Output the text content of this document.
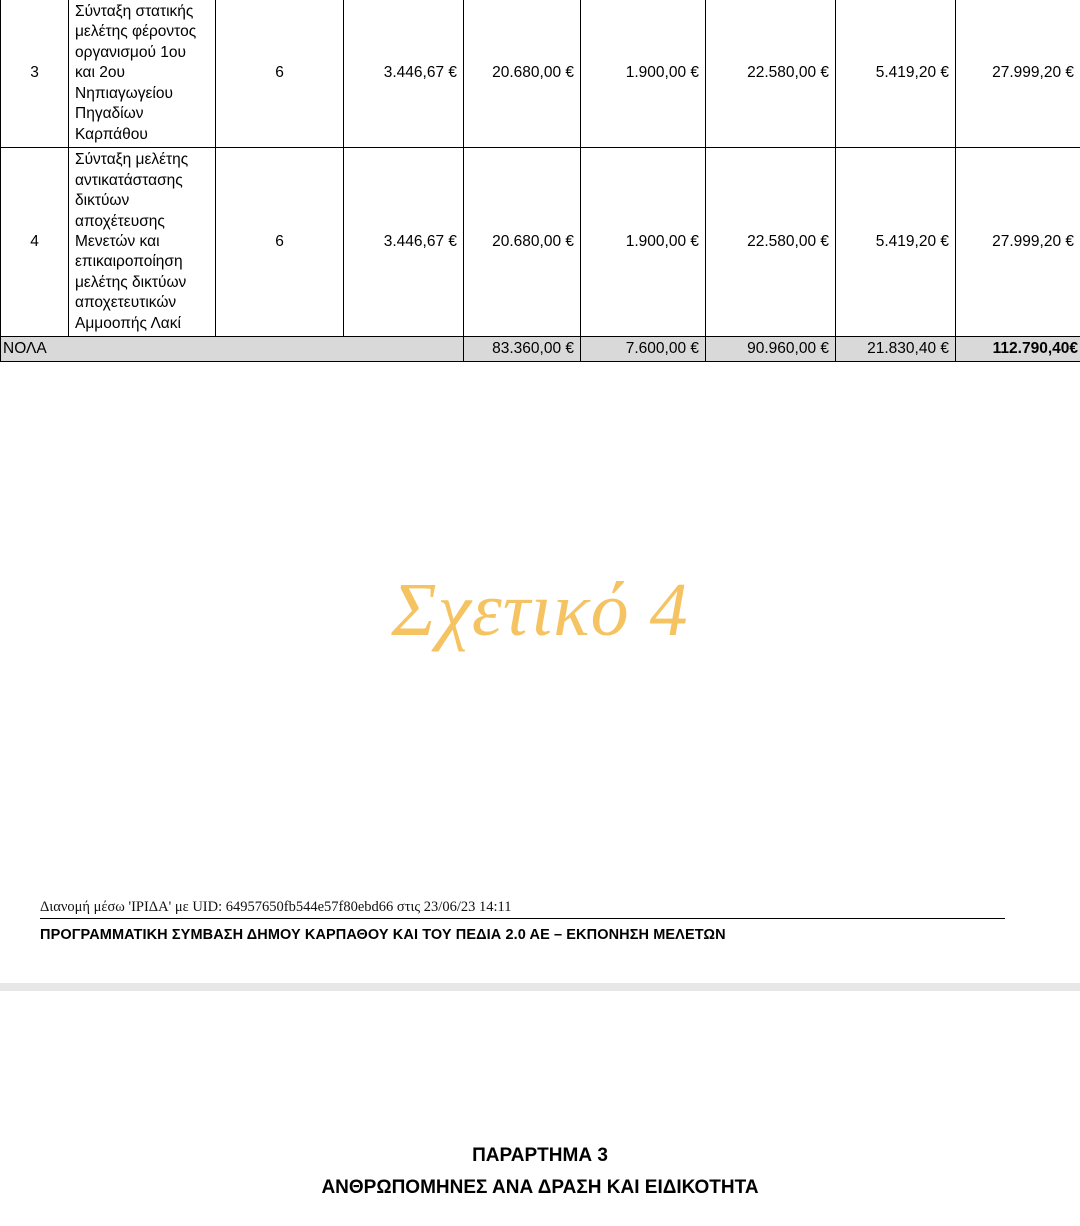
3	Σύνταξη στατικής μελέτης φέροντος οργανισμού 1ου και 2ου Νηπιαγωγείου Πηγαδίων Καρπάθου	6	3.446,67 €	20.680,00 €	1.900,00 €	22.580,00 €	5.419,20 €	27.999,20 €
4	Σύνταξη μελέτης αντικατάστασης δικτύων αποχέτευσης Μενετών και επικαιροποίηση μελέτης δικτύων αποχετευτικών Αμμοοπής Λακί	6	3.446,67 €	20.680,00 €	1.900,00 €	22.580,00 €	5.419,20 €	27.999,20 €
ΝΟΛΑ				83.360,00 €	7.600,00 €	90.960,00 €	21.830,40 €	112.790,40€
Σχετικό 4
Διανομή μέσω 'ΙΡΙΔΑ' με UID: 64957650fb544e57f80ebd66 στις 23/06/23 14:11
ΠΡΟΓΡΑΜΜΑΤΙΚΗ ΣΥΜΒΑΣΗ ΔΗΜΟΥ ΚΑΡΠΑΘΟΥ ΚΑΙ ΤΟΥ ΠΕΔΙΑ 2.0 ΑΕ – ΕΚΠΟΝΗΣΗ ΜΕΛΕΤΩΝ
ΠΑΡΑΡΤΗΜΑ 3
ΑΝΘΡΩΠΟΜΗΝΕΣ ΑΝΑ ΔΡΑΣΗ ΚΑΙ ΕΙΔΙΚΟΤΗΤΑ
